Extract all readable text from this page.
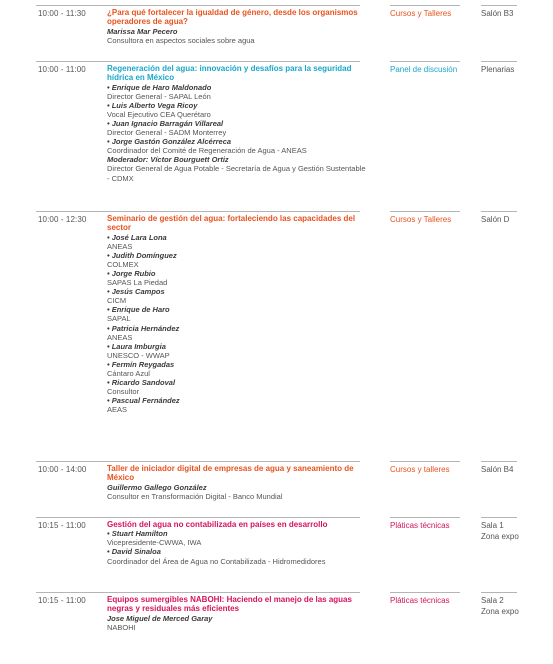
10:00 - 11:30	¿Para qué fortalecer la igualdad de género, desde los organismos operadores de agua?
Marissa Mar Pecero
Consultora en aspectos sociales sobre agua
Cursos y Talleres	Salón B3
10:00 - 11:00	Regeneración del agua: innovación y desafíos para la seguridad hídrica en México
• Enrique de Haro Maldonado
Director General - SAPAL León
• Luis Alberto Vega Ricoy
Vocal Ejecutivo CEA Querétaro
• Juan Ignacio Barragán Villareal
Director General - SADM Monterrey
• Jorge Gastón González Alcérreca
Coordinador del Comité de Regeneración de Agua - ANEAS
Moderador: Víctor Bourguett Ortiz
Director General de Agua Potable - Secretaría de Agua y Gestión Sustentable - CDMX
Panel de discusión	Plenarias
10:00 - 12:30	Seminario de gestión del agua: fortaleciendo las capacidades del sector
• José Lara Lona
ANEAS
• Judith Domínguez
COLMEX
• Jorge Rubio
SAPAS La Piedad
• Jesús Campos
CICM
• Enrique de Haro
SAPAL
• Patricia Hernández
ANEAS
• Laura Imburgia
UNESCO - WWAP
• Fermín Reygadas
Cántaro Azul
• Ricardo Sandoval
Consultor
• Pascual Fernández
AEAS
Cursos y Talleres	Salón D
10:00 - 14:00	Taller de iniciador digital de empresas de agua y saneamiento de México
Guillermo Gallego González
Consultor en Transformación Digital - Banco Mundial
Cursos y talleres	Salón B4
10:15 - 11:00	Gestión del agua no contabilizada en países en desarrollo
• Stuart Hamilton
Vicepresidente-CWWA, IWA
• David Sinaloa
Coordinador del Área de Agua no Contabilizada - Hidromedidores
Pláticas técnicas	Sala 1
Zona expo
10:15 - 11:00	Equipos sumergibles NABOHI: Haciendo el manejo de las aguas negras y residuales más eficientes
Jose Miguel de Merced Garay
NABOHI
Pláticas técnicas	Sala 2
Zona expo
